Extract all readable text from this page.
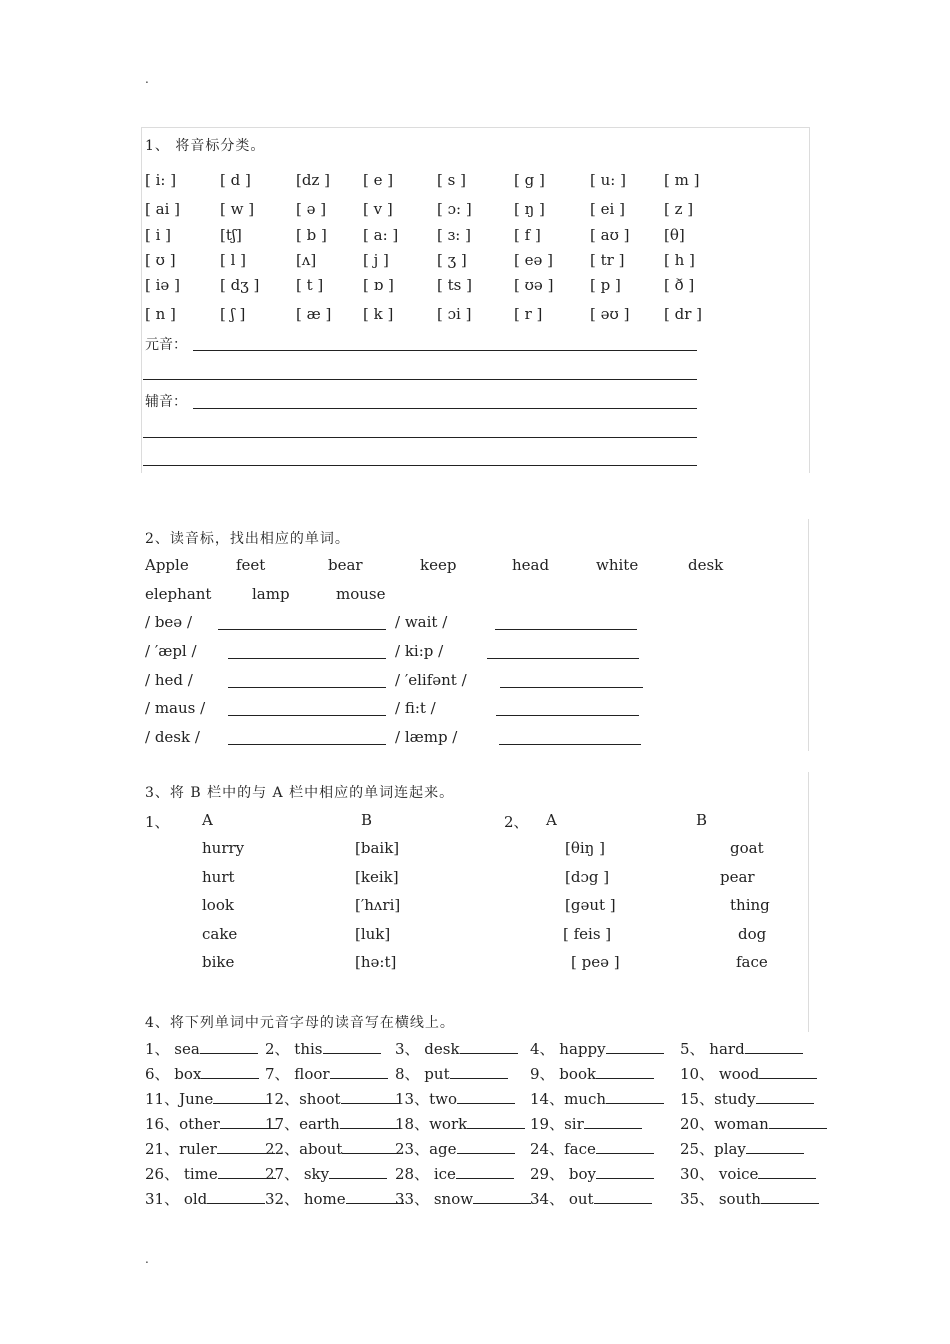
.
.
1、 将音标分类。
[ i: ]	[ d ]	[dz ] [ e ]	[ s ]	[ g ]	[ u: ]	[ m ]
[ ai ]	[ w ]	[ ə ] [ v ]	[ ɔ: ]	[ ŋ ]	[ ei ]	[ z ]
[ i ]	[tʃ]	[ b ] [ a: ]	[ ɜ: ]	[ f ]	[ aʊ ] [θ]
[ ʊ ]	[ l ]	[ʌ]	[ j ]	[ ʒ ]	[ eə ] [ tr ]	[ h ]
[ iə ]	[ dʒ ] [ t ]	[ ɒ ]	[ ts ]	[ ʊə ] [ p ]	[ ð ]
[ n ]	[ ʃ ]	[ æ ] [ k ]	[ ɔi ]	[ r ]	[ əʊ ] [ dr ]
元音：
辅音：
2、读音标，找出相应的单词。
Apple	feet	bear	keep	head	white	desk
elephant	lamp	mouse
/ beə /	/ wait /
/ ′æpl /	/ ki:p /
/ hed /	/ ′elifənt /
/ maus /	/ fi:t /
/ desk /	/ læmp /
3、将 B 栏中的与 A 栏中相应的单词连起来。
1、 A	B	2、 A	B
hurry	[baik]	[θiŋ ]	goat
hurt	[keik]	[dɔg ]	pear
look	[′hʌri]	[gəut ]	thing
cake	[luk]	[ feis ]	dog
bike	[hə:t]	[ peə ]	face
4、将下列单词中元音字母的读音写在横线上。
1、 sea	2、 this	3、 desk	4、 happy	5、 hard
6、 box	7、 floor	8、 put	9、 book	10、 wood
11、June	12、shoot	13、two	14、much	15、study
16、other	17、earth	18、work	19、sir	20、woman
21、ruler	22、about	23、age	24、face	25、play
26、 time	27、 sky	28、 ice	29、 boy	30、 voice
31、 old	32、 home	33、 snow	34、 out	35、 south
